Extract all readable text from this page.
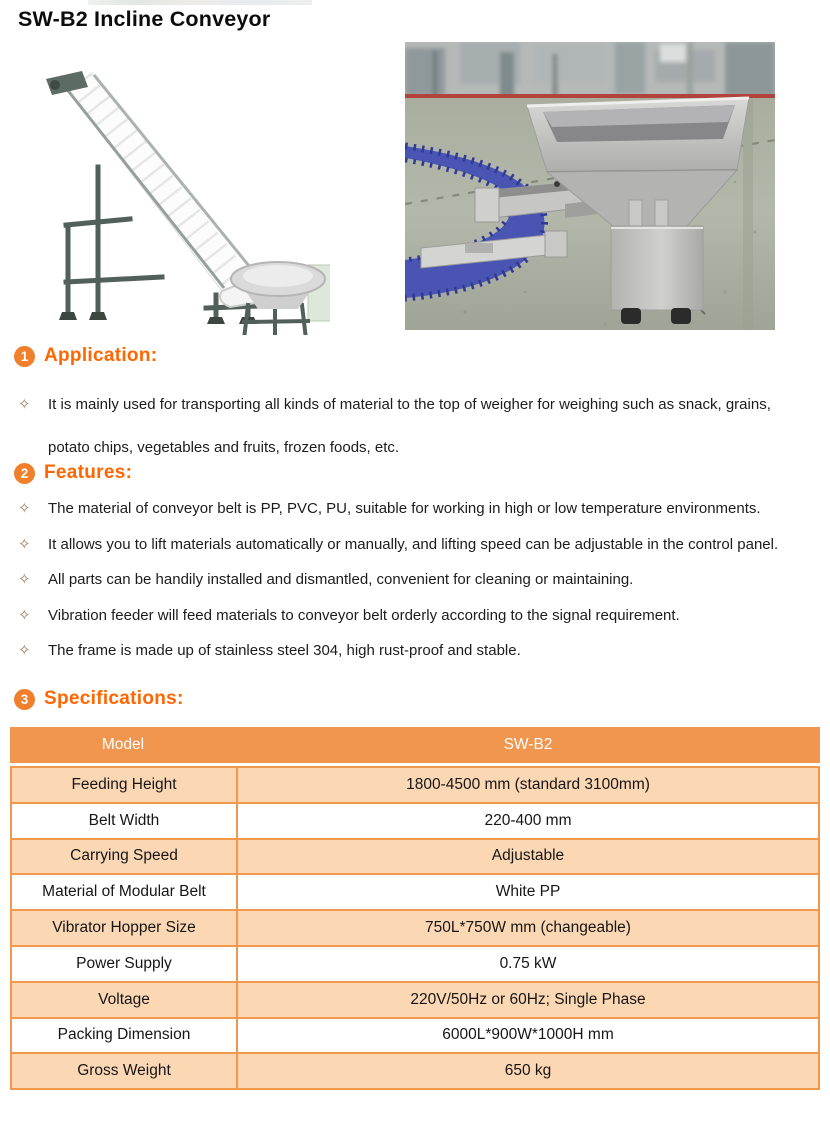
SW-B2 Incline Conveyor
1 Application:
✧	It is mainly used for transporting all kinds of material to the top of weigher for weighing such as snack, grains, potato chips, vegetables and fruits, frozen foods, etc.

2 Features:
✧	The material of conveyor belt is PP, PVC, PU, suitable for working in high or low temperature environments.
✧	It allows you to lift materials automatically or manually, and lifting speed can be adjustable in the control panel.
✧	All parts can be handily installed and dismantled, convenient for cleaning or maintaining.
✧	Vibration feeder will feed materials to conveyor belt orderly according to the signal requirement.
✧	The frame is made up of stainless steel 304, high rust-proof and stable.
3 Specifications:
Model	SW-B2
Feeding Height	1800-4500 mm (standard 3100mm)
Belt Width	220-400 mm
Carrying Speed	Adjustable
Material of Modular Belt	White PP
Vibrator Hopper Size	750L*750W mm (changeable)
Power Supply	0.75 kW
Voltage	220V/50Hz or 60Hz; Single Phase
Packing Dimension	6000L*900W*1000H mm
Gross Weight	650 kg
